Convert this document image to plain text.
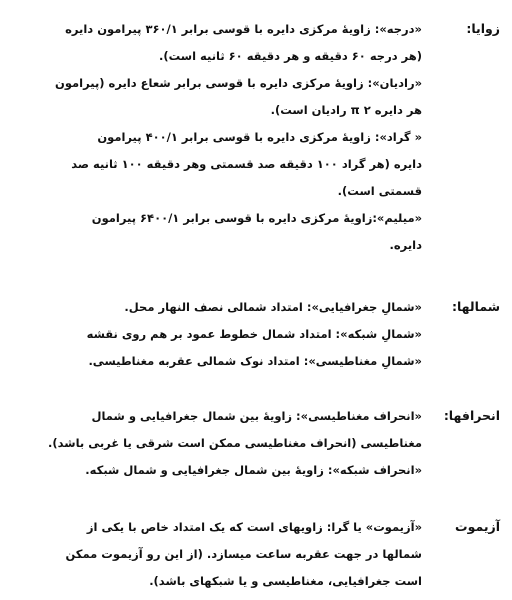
زوایا:

«درجه»: زاویهٔ مرکزی دایره با قوسی برابر ۳۶۰/۱ پیرامون دایره
(هر درجه ۶۰ دقیقه و هر دقیقه ۶۰ ثانیه است).

«رادیان»: زاویهٔ مرکزی دایره با قوسی برابر شعاع دایره (پیرامون
هر دایره ۲ π رادیان است).

« گراد»: زاویهٔ مرکزی دایره با قوسی برابر ۴۰۰/۱ پیرامون
دایره (هر گراد ۱۰۰ دقیقه صد قسمتی وهر دقیقه ۱۰۰ ثانیه صد
قسمتی است).

«میلیم»:زاویهٔ مرکزی دایره با قوسی برابر ۶۴۰۰/۱ پیرامون
دایره.

شمالها:

«شمالِ جغرافیایی»: امتداد شمالی نصف النهار محل.

«شمالِ شبکه»: امتداد شمال خطوط عمود بر هم روی نقشه

«شمالِ مغناطیسی»: امتداد نوک شمالی عقربه مغناطیسی.

انحرافها:

«انحراف مغناطیسی»: زاویهٔ بین شمال جغرافیایی و شمال
مغناطیسی (انحراف مغناطیسی ممکن است شرقی یا غربی باشد).

«انحراف شبکه»: زاویهٔ بین شمال جغرافیایی و شمال شبکه.

آزیموت

«آزیموت» یا گرا: زاویهای است که یک امتداد خاص با یکی از
شمالها در جهت عقربه ساعت میسازد. (از این رو آزیموت ممکن
است جغرافیایی، مغناطیسی و یا شبکهای باشد).
